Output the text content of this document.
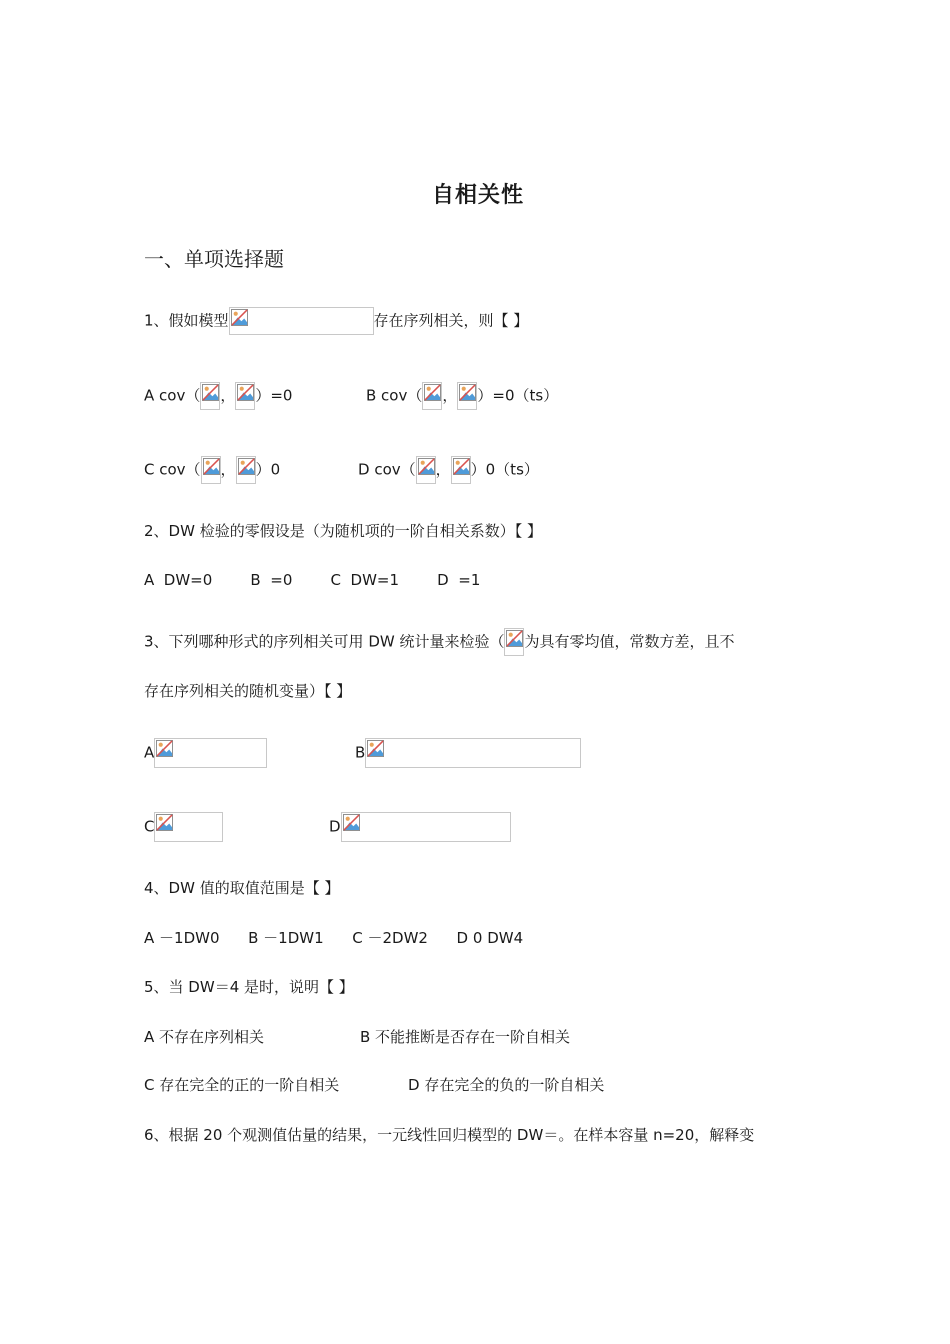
自相关性
一、单项选择题
1、假如模型	存在序列相关，则【 】
A cov（ ， ）=0	B cov（ ， ）=0（ts）
C cov（ ， ）0	D cov（ ， ）0（ts）
2、DW 检验的零假设是（为随机项的一阶自相关系数）【 】
A  DW=0        B  =0        C  DW=1        D  =1
3、下列哪种形式的序列相关可用 DW 统计量来检验（ 为具有零均值，常数方差，且不
存在序列相关的随机变量）【 】
A	B
C	D
4、DW 值的取值范围是【 】
A －1DW0      B －1DW1      C －2DW2      D 0 DW4
5、当 DW＝4 是时，说明【 】
A 不存在序列相关	B 不能推断是否存在一阶自相关
C 存在完全的正的一阶自相关	D 存在完全的负的一阶自相关
6、根据 20 个观测值估量的结果，一元线性回归模型的 DW＝。在样本容量 n=20，解释变
